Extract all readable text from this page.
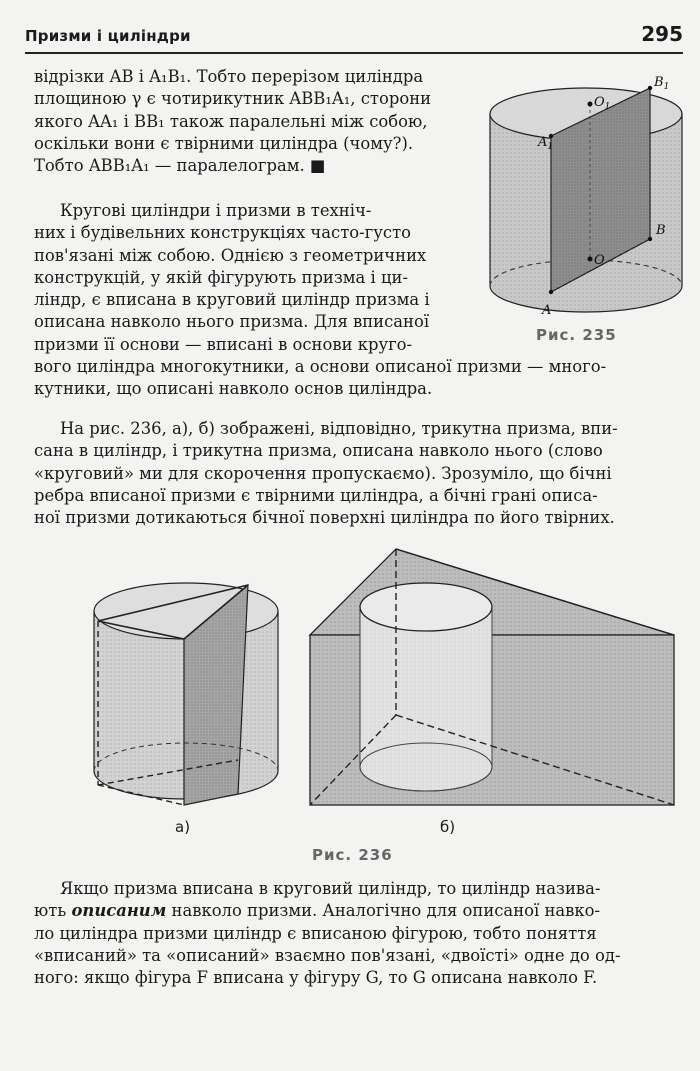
Призми і циліндри	295

відрізки AB і A₁B₁. Тобто перерізом циліндра
площиною γ є чотирикутник ABB₁A₁, сторони
якого AA₁ і BB₁ також паралельні між собою,
оскільки вони є твірними циліндра (чому?).
Тобто ABB₁A₁ — паралелограм. ■

Кругові циліндри і призми в техніч-
них і будівельних конструкціях часто-густо
пов'язані між собою. Однією з геометричних
конструкцій, у якій фігурують призма і ци-
ліндр, є вписана в круговий циліндр призма і
описана навколо нього призма. Для вписаної
призми її основи — вписані в основи круго-
вого циліндра многокутники, а основи описаної призми — много-
кутники, що описані навколо основ циліндра.

На рис. 236, а), б) зображені, відповідно, трикутна призма, впи-
сана в циліндр, і трикутна призма, описана навколо нього (слово
«круговий» ми для скорочення пропускаємо). Зрозуміло, що бічні
ребра вписаної призми є твірними циліндра, а бічні грані описа-
ної призми дотикаються бічної поверхні циліндра по його твірних.

$B_1$
$O_1$
$A_1$
B
O
A
Рис. 235
а)	б)
Рис. 236

Якщо призма вписана в круговий циліндр, то циліндр назива-
ють описаним навколо призми. Аналогічно для описаної навко-
ло циліндра призми циліндр є вписаною фігурою, тобто поняття
«вписаний» та «описаний» взаємно пов'язані, «двоїсті» одне до од-
ного: якщо фігура F вписана у фігуру G, то G описана навколо F.
